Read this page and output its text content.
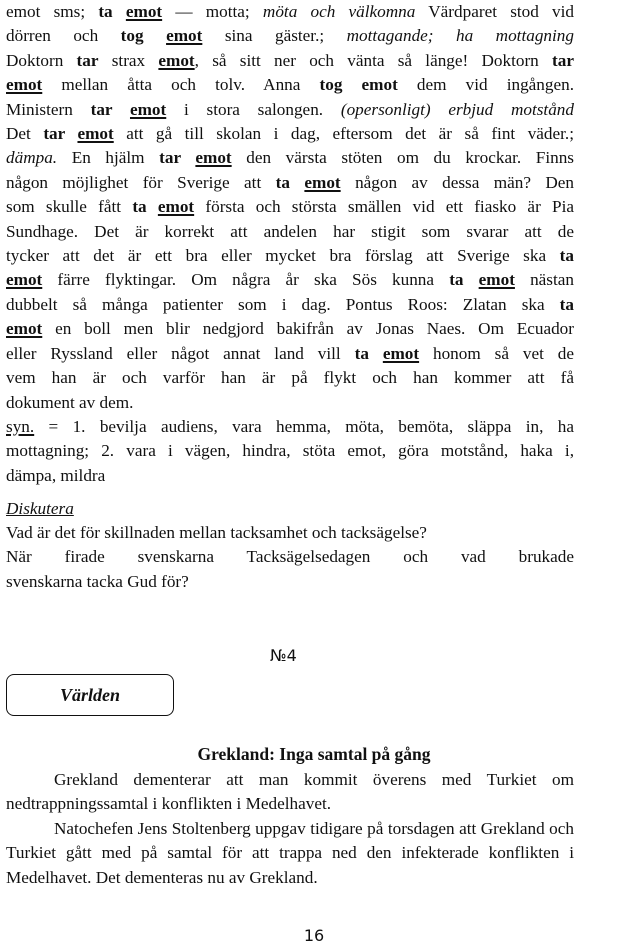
emot sms; ta emot — motta; möta och välkomna Värdparet stod vid

dörren och tog emot sina gäster.; mottagande; ha mottagning

Doktorn tar strax emot, så sitt ner och vänta så länge! Doktorn tar

emot mellan åtta och tolv. Anna tog emot dem vid ingången.

Ministern tar emot i stora salongen. (opersonligt) erbjud motstånd

Det tar emot att gå till skolan i dag, eftersom det är så fint väder.;

dämpa. En hjälm tar emot den värsta stöten om du krockar. Finns

någon möjlighet för Sverige att ta emot någon av dessa män? Den

som skulle fått ta emot första och största smällen vid ett fiasko är Pia

Sundhage. Det är korrekt att andelen har stigit som svarar att de

tycker att det är ett bra eller mycket bra förslag att Sverige ska ta

emot färre flyktingar. Om några år ska Sös kunna ta emot nästan

dubbelt så många patienter som i dag. Pontus Roos: Zlatan ska ta

emot en boll men blir nedgjord bakifrån av Jonas Naes. Om Ecuador

eller Ryssland eller något annat land vill ta emot honom så vet de

vem han är och varför han är på flykt och han kommer att få

dokument av dem.

syn. = 1. bevilja audiens, vara hemma, möta, bemöta, släppa in, ha

mottagning; 2. vara i vägen, hindra, stöta emot, göra motstånd, haka i,

dämpa, mildra

Diskutera

Vad är det för skillnaden mellan tacksamhet och tacksägelse?

När firade svenskarna Tacksägelsedagen och vad brukade

svenskarna tacka Gud för?

№4
Världen
Grekland: Inga samtal på gång

Grekland dementerar att man kommit överens med Turkiet om nedtrappningssamtal i konflikten i Medelhavet.

Natochefen Jens Stoltenberg uppgav tidigare på torsdagen att Grekland och Turkiet gått med på samtal för att trappa ned den infekterade konflikten i Medelhavet. Det dementeras nu av Grekland.

16
